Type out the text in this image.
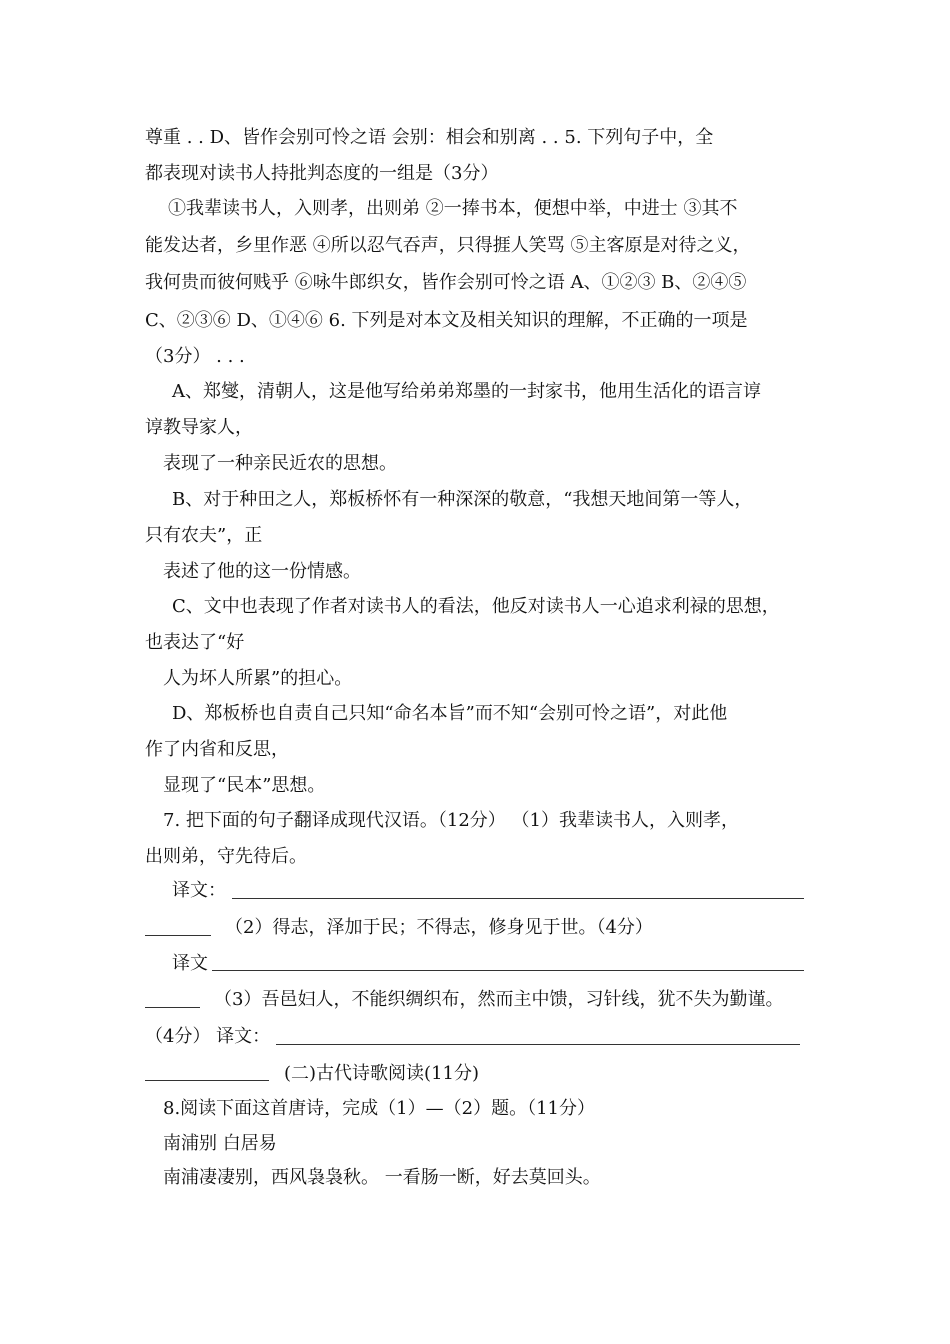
尊重 . . D、皆作会别可怜之语 会别：相会和别离 . . 5. 下列句子中，全
都表现对读书人持批判态度的一组是（3分）
①我辈读书人，入则孝，出则弟 ②一捧书本，便想中举，中进士 ③其不
能发达者，乡里作恶 ④所以忍气吞声，只得捱人笑骂 ⑤主客原是对待之义，
我何贵而彼何贱乎 ⑥咏牛郎织女，皆作会别可怜之语 A、①②③ B、②④⑤
C、②③⑥ D、①④⑥ 6. 下列是对本文及相关知识的理解，不正确的一项是
（3分） . . .
A、郑燮，清朝人，这是他写给弟弟郑墨的一封家书，他用生活化的语言谆
谆教导家人，
表现了一种亲民近农的思想。
B、对于种田之人，郑板桥怀有一种深深的敬意，“我想天地间第一等人，
只有农夫”，正
表述了他的这一份情感。
C、文中也表现了作者对读书人的看法，他反对读书人一心追求利禄的思想，
也表达了“好
人为坏人所累”的担心。
D、郑板桥也自责自己只知“命名本旨”而不知“会别可怜之语”，对此他
作了内省和反思，
显现了“民本”思想。
7. 把下面的句子翻译成现代汉语。（12分） （1）我辈读书人，入则孝，
出则弟，守先待后。
译文：
（2）得志，泽加于民；不得志，修身见于世。（4分）
译文
（3）吾邑妇人，不能织绸织布，然而主中馈，习针线，犹不失为勤谨。
（4分） 译文：
(二)古代诗歌阅读(11分)
8.阅读下面这首唐诗，完成（1）—（2）题。（11分）
南浦别 白居易
南浦凄凄别，西风袅袅秋。 一看肠一断，好去莫回头。
